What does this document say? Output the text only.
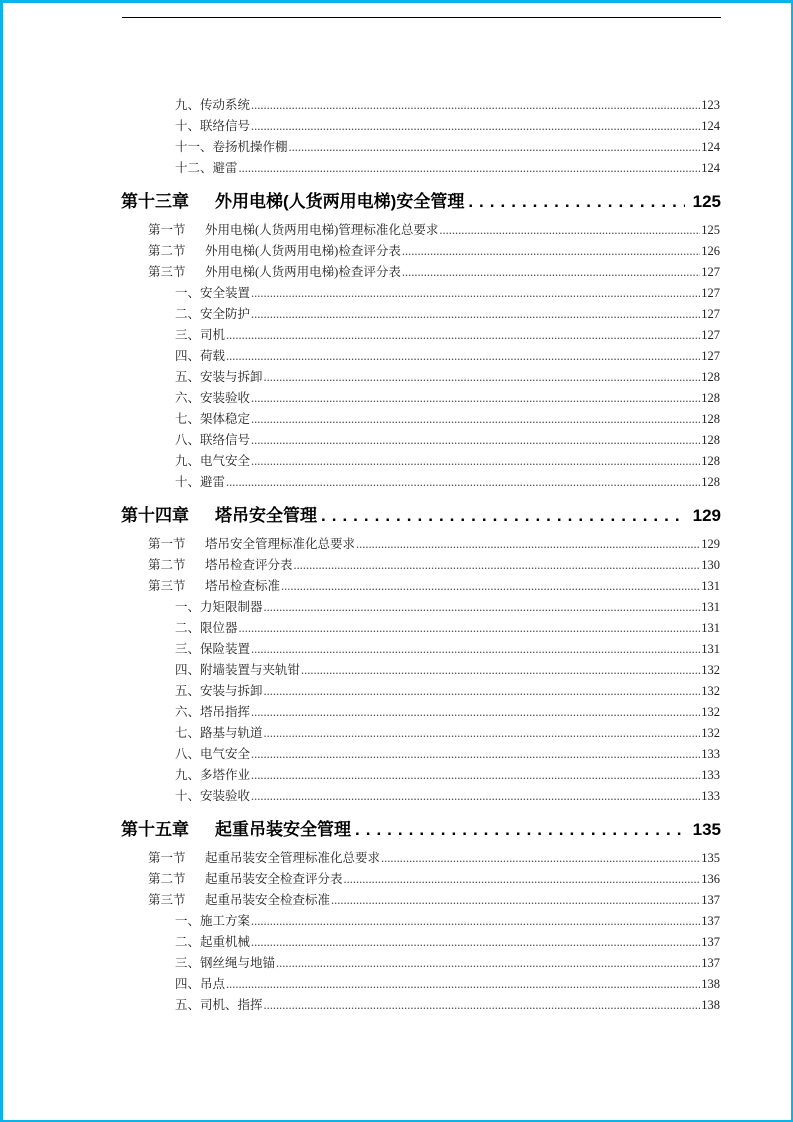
九、传动系统 .....	123
十、联络信号 .....	124
十一、卷扬机操作棚 .....	124
十二、避雷 .....	124
第十三章	外用电梯(人货两用电梯)安全管理 .....	125
第一节	外用电梯(人货两用电梯)管理标准化总要求 .....	125
第二节	外用电梯(人货两用电梯)检查评分表 .....	126
第三节	外用电梯(人货两用电梯)检查评分表 .....	127
一、安全装置 .....	127
二、安全防护 .....	127
三、司机 .....	127
四、荷载 .....	127
五、安装与拆卸 .....	128
六、安装验收 .....	128
七、架体稳定 .....	128
八、联络信号 .....	128
九、电气安全 .....	128
十、避雷 .....	128
第十四章	塔吊安全管理 .....	129
第一节	塔吊安全管理标准化总要求 .....	129
第二节	塔吊检查评分表 .....	130
第三节	塔吊检查标准 .....	131
一、力矩限制器 .....	131
二、限位器 .....	131
三、保险装置 .....	131
四、附墙装置与夹轨钳 .....	132
五、安装与拆卸 .....	132
六、塔吊指挥 .....	132
七、路基与轨道 .....	132
八、电气安全 .....	133
九、多塔作业 .....	133
十、安装验收 .....	133
第十五章	起重吊装安全管理 .....	135
第一节	起重吊装安全管理标准化总要求 .....	135
第二节	起重吊装安全检查评分表 .....	136
第三节	起重吊装安全检查标准 .....	137
一、施工方案 .....	137
二、起重机械 .....	137
三、钢丝绳与地锚 .....	137
四、吊点 .....	138
五、司机、指挥 .....	138
